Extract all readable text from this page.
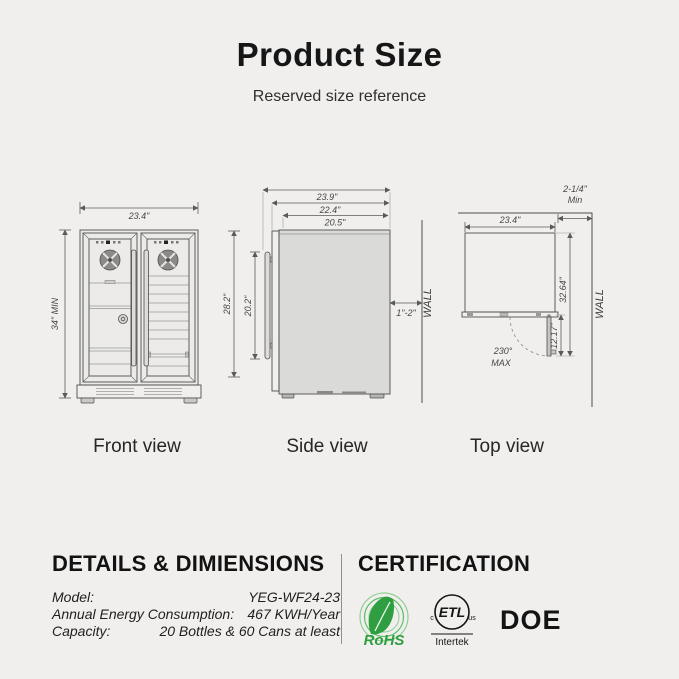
Product Size
Reserved size reference
23.4"
34" MIN
23.9"
22.4"
20.5"
28.2" 20.2"	1"-2" WALL
2-1/4"
Min
WALL
23.4"
230°
MAX
32.64"
12.17"
Front view	Side view	Top view
DETAILS & DIMIENSIONS
Model:	YEG-WF24-23
Annual Energy Consumption: 467 KWH/Year
Capacity:	20 Bottles & 60 Cans at least
CERTIFICATION
RoHS
ETL
c	us
Intertek
DOE
